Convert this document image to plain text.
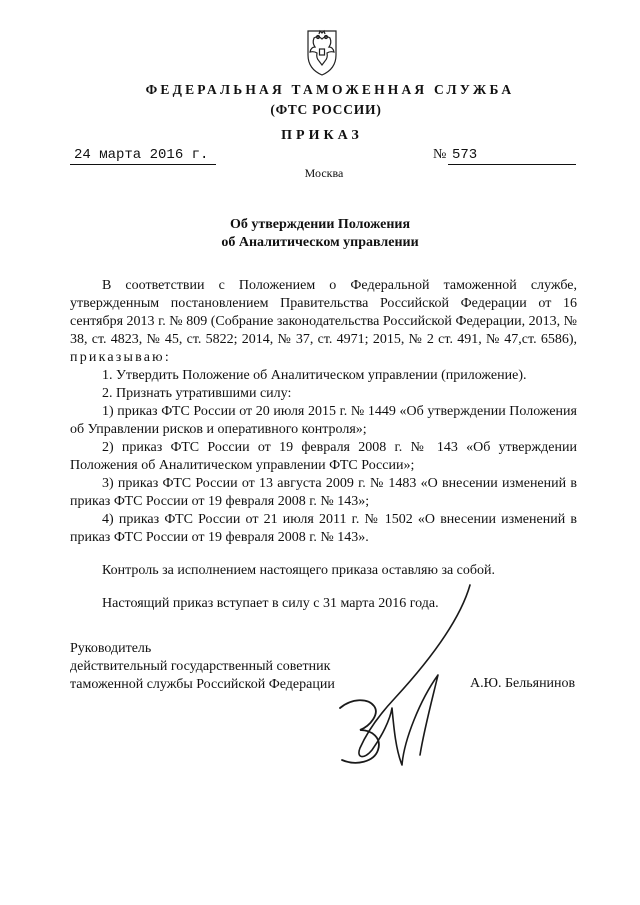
ФЕДЕРАЛЬНАЯ ТАМОЖЕННАЯ СЛУЖБА
(ФТС РОССИИ)
ПРИКАЗ
24 марта 2016 г.	№ 573
Москва
Об утверждении Положения
об Аналитическом управлении

В соответствии с Положением о Федеральной таможенной службе, утвержденным постановлением Правительства Российской Федерации от 16 сентября 2013 г. № 809 (Собрание законодательства Российской Федерации, 2013, № 38, ст. 4823, № 45, ст. 5822; 2014, № 37, ст. 4971; 2015, № 2 ст. 491, № 47,ст. 6586), приказываю:

1. Утвердить Положение об Аналитическом управлении (приложение).

2. Признать утратившими силу:

1) приказ ФТС России от 20 июля 2015 г. № 1449 «Об утверждении Положения об Управлении рисков и оперативного контроля»;

2) приказ ФТС России от 19 февраля 2008 г. № 143 «Об утверждении Положения об Аналитическом управлении ФТС России»;

3) приказ ФТС России от 13 августа 2009 г. № 1483 «О внесении изменений в приказ ФТС России от 19 февраля 2008 г. № 143»;

4) приказ ФТС России от 21 июля 2011 г. № 1502 «О внесении изменений в приказ ФТС России от 19 февраля 2008 г. № 143».

Контроль за исполнением настоящего приказа оставляю за собой.

Настоящий приказ вступает в силу с 31 марта 2016 года.

Руководитель
действительный государственный советник
таможенной службы Российской Федерации	А.Ю. Бельянинов
